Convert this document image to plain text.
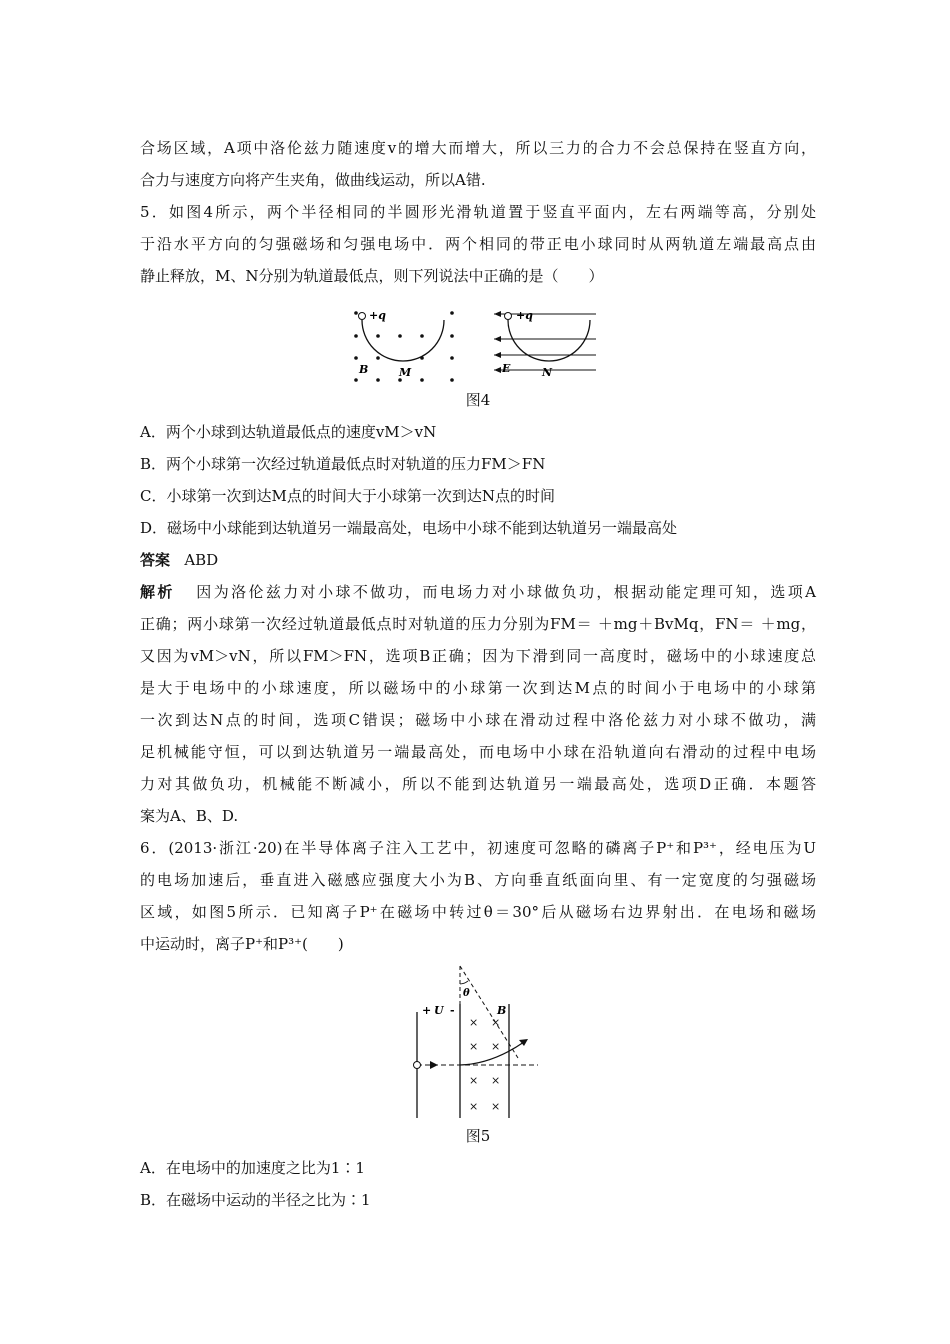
合场区域，A项中洛伦兹力随速度v的增大而增大，所以三力的合力不会总保持在竖直方向，
合力与速度方向将产生夹角，做曲线运动，所以A错.
5．如图4所示，两个半径相同的半圆形光滑轨道置于竖直平面内，左右两端等高，分别处
于沿水平方向的匀强磁场和匀强电场中．两个相同的带正电小球同时从两轨道左端最高点由
静止释放，M、N分别为轨道最低点，则下列说法中正确的是（　　）
+q
B	M
+q
E	N
图4
A．两个小球到达轨道最低点的速度vM＞vN
B．两个小球第一次经过轨道最低点时对轨道的压力FM＞FN
C．小球第一次到达M点的时间大于小球第一次到达N点的时间
D．磁场中小球能到达轨道另一端最高处，电场中小球不能到达轨道另一端最高处
答案 ABD
解析 因为洛伦兹力对小球不做功，而电场力对小球做负功，根据动能定理可知，选项A
正确；两小球第一次经过轨道最低点时对轨道的压力分别为FM＝ ＋mg＋BvMq，FN＝ ＋mg，
又因为vM＞vN，所以FM＞FN，选项B正确；因为下滑到同一高度时，磁场中的小球速度总
是大于电场中的小球速度，所以磁场中的小球第一次到达M点的时间小于电场中的小球第
一次到达N点的时间，选项C错误；磁场中小球在滑动过程中洛伦兹力对小球不做功，满
足机械能守恒，可以到达轨道另一端最高处，而电场中小球在沿轨道向右滑动的过程中电场
力对其做负功，机械能不断减小，所以不能到达轨道另一端最高处，选项D正确．本题答
案为A、B、D.
6．(2013·浙江·20)在半导体离子注入工艺中，初速度可忽略的磷离子P⁺和P³⁺，经电压为U
的电场加速后，垂直进入磁感应强度大小为B、方向垂直纸面向里、有一定宽度的匀强磁场
区域，如图5所示．已知离子P⁺在磁场中转过θ＝30°后从磁场右边界射出．在电场和磁场
中运动时，离子P⁺和P³⁺(　　)
+ U -	B
θ
× ×
× ×
× ×
× ×
图5
A．在电场中的加速度之比为1∶1
B．在磁场中运动的半径之比为∶1
